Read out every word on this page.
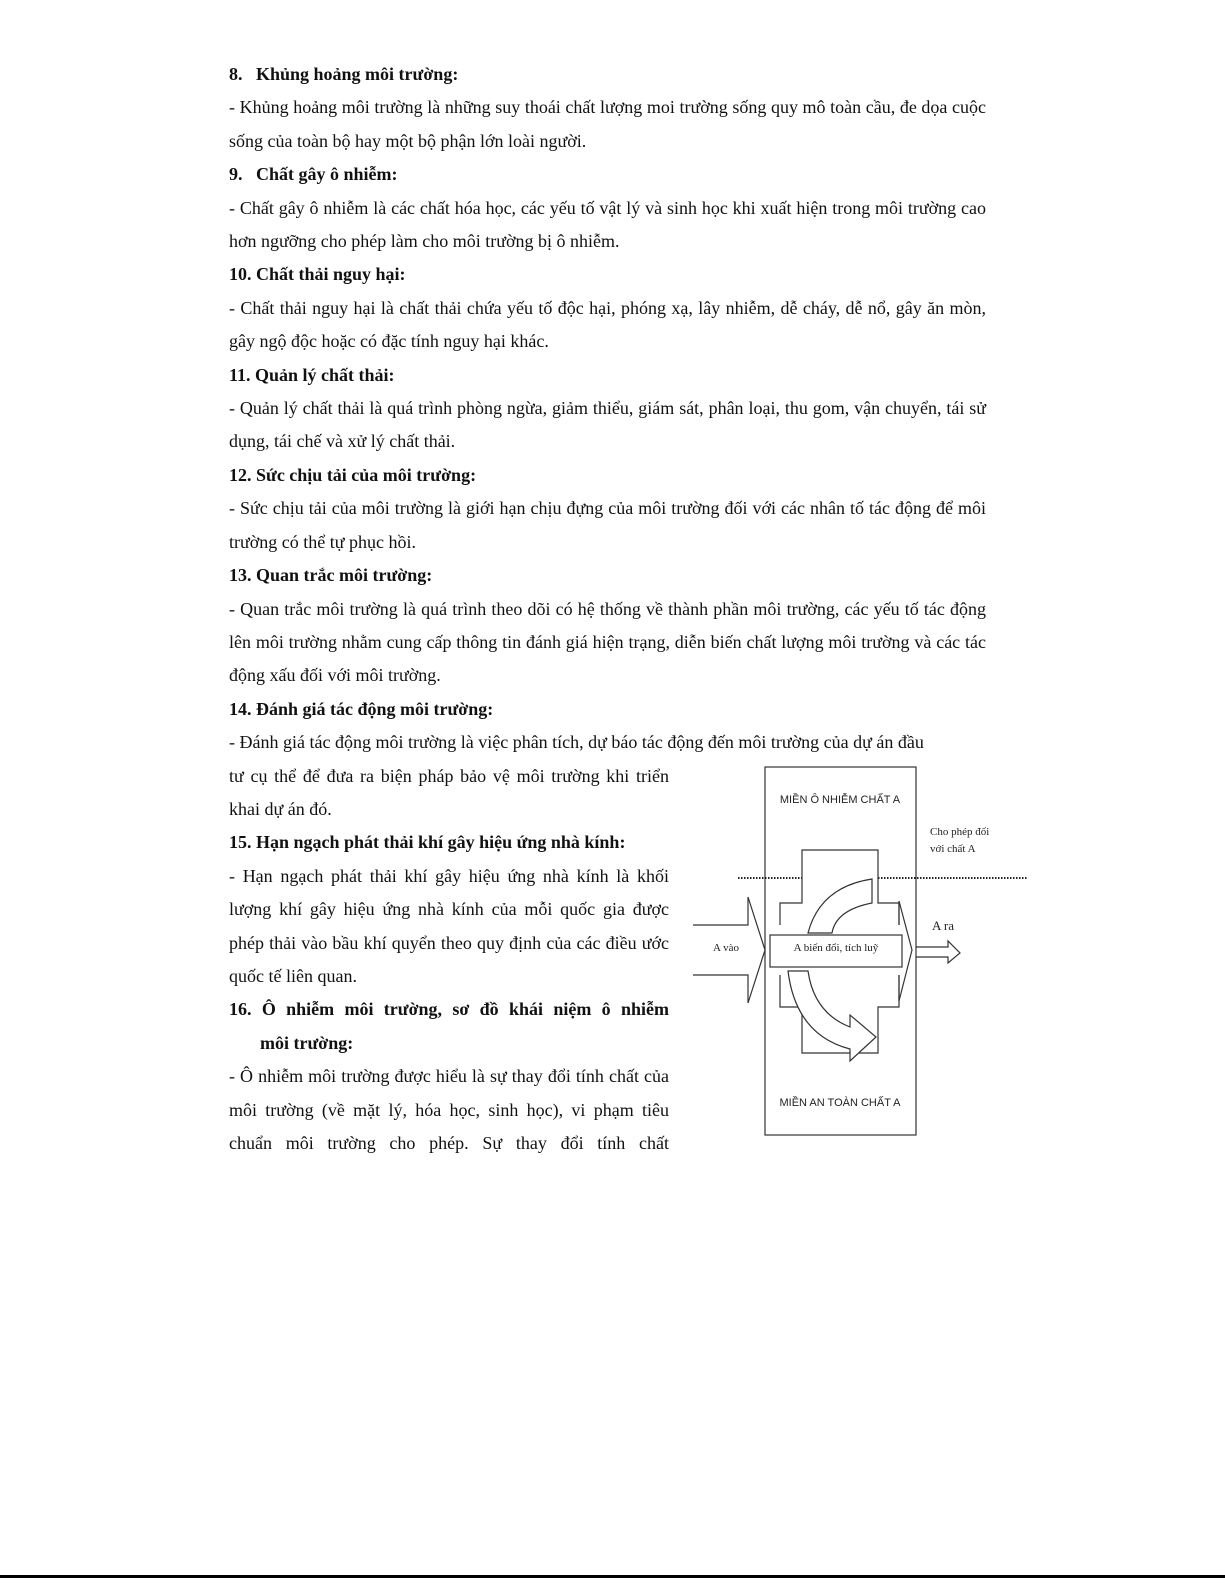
8. Khủng hoảng môi trường:

- Khủng hoảng môi trường là những suy thoái chất lượng moi trường sống quy mô toàn cầu, đe dọa cuộc sống của toàn bộ hay một bộ phận lớn loài người.

9. Chất gây ô nhiễm:

- Chất gây ô nhiễm là các chất hóa học, các yếu tố vật lý và sinh học khi xuất hiện trong môi trường cao hơn ngưỡng cho phép làm cho môi trường bị ô nhiễm.

10. Chất thải nguy hại:

- Chất thải nguy hại là chất thải chứa yếu tố độc hại, phóng xạ, lây nhiễm, dễ cháy, dễ nổ, gây ăn mòn, gây ngộ độc hoặc có đặc tính nguy hại khác.

11. Quản lý chất thải:

- Quản lý chất thải là quá trình phòng ngừa, giảm thiểu, giám sát, phân loại, thu gom, vận chuyển, tái sử dụng, tái chế và xử lý chất thải.

12. Sức chịu tải của môi trường:

- Sức chịu tải của môi trường là giới hạn chịu đựng của môi trường đối với các nhân tố tác động để môi trường có thể tự phục hồi.

13. Quan trắc môi trường:

- Quan trắc môi trường là quá trình theo dõi có hệ thống về thành phần môi trường, các yếu tố tác động lên môi trường nhằm cung cấp thông tin đánh giá hiện trạng, diễn biến chất lượng môi trường và các tác động xấu đối với môi trường.

14. Đánh giá tác động môi trường:

- Đánh giá tác động môi trường là việc phân tích, dự báo tác động đến môi trường của dự án đầu

tư cụ thể để đưa ra biện pháp bảo vệ môi trường khi triển khai dự án đó.

15. Hạn ngạch phát thải khí gây hiệu ứng nhà kính:

- Hạn ngạch phát thải khí gây hiệu ứng nhà kính là khối lượng khí gây hiệu ứng nhà kính của mỗi quốc gia được phép thải vào bầu khí quyển theo quy định của các điều ước quốc tế liên quan.

16. Ô nhiễm môi trường, sơ đồ khái niệm ô nhiễm

môi trường:

- Ô nhiễm môi trường được hiểu là sự thay đổi tính chất của môi trường (về mặt lý, hóa học, sinh học), vi phạm tiêu chuẩn môi trường cho phép. Sự thay đổi tính chất

MIỀN Ô NHIỄM CHẤT A
MIỀN AN TOÀN CHẤT A
Cho phép đối
với chất A
A vào	A biến đổi, tích luỹ
A ra
